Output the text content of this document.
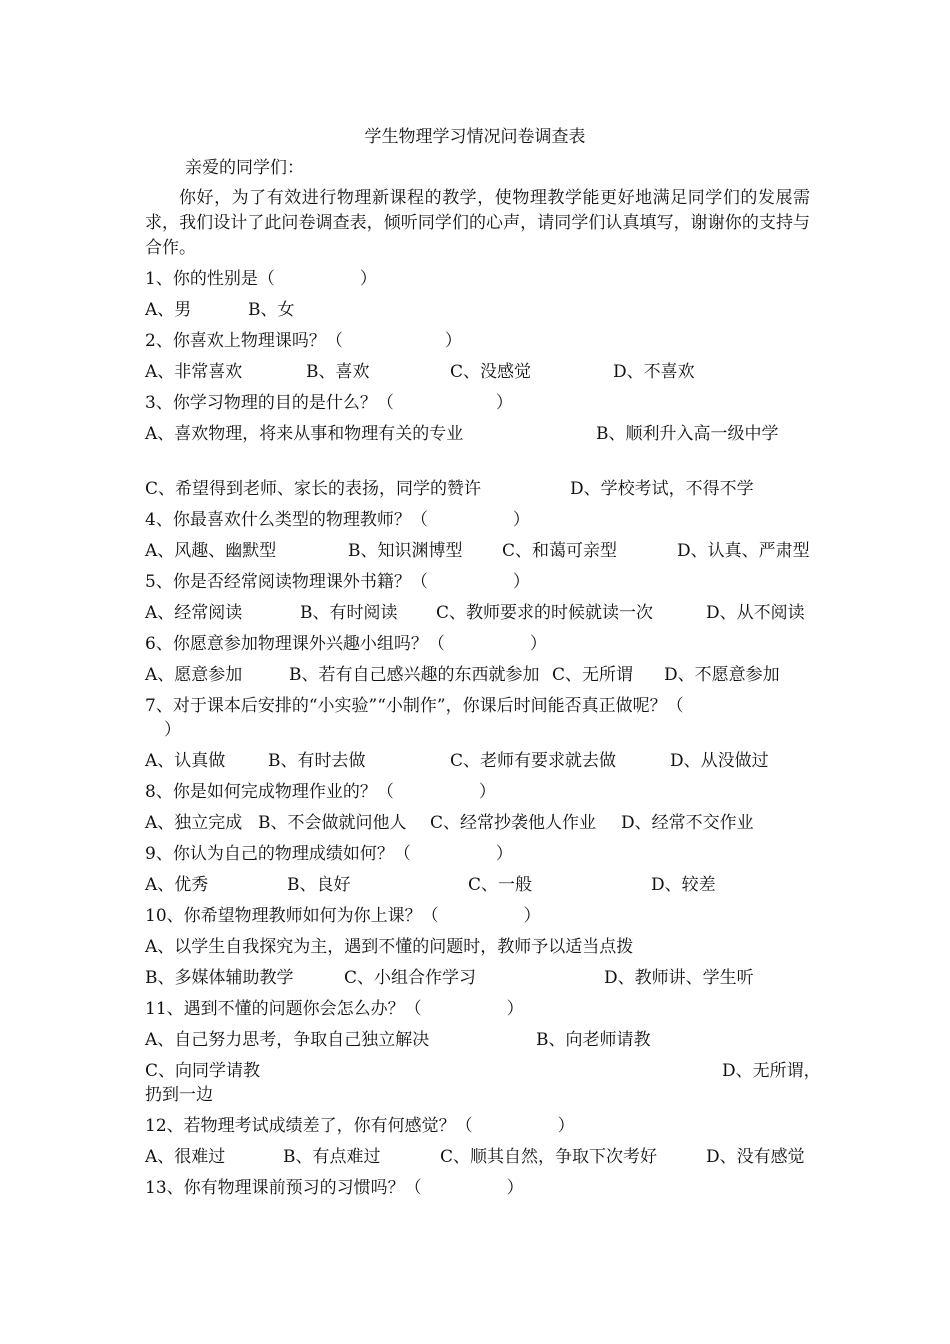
学生物理学习情况问卷调查表
亲爱的同学们：
你好，为了有效进行物理新课程的教学，使物理教学能更好地满足同学们的发展需求，我们设计了此问卷调查表，倾听同学们的心声，请同学们认真填写，谢谢你的支持与合作。
1、你的性别是（　　　　　）
A、男	B、女
2、你喜欢上物理课吗？（　　　　　　）
A、非常喜欢	B、喜欢	C、没感觉	D、不喜欢
3、你学习物理的目的是什么？（　　　　　　）
A、喜欢物理，将来从事和物理有关的专业	B、顺利升入高一级中学
C、希望得到老师、家长的表扬，同学的赞许	D、学校考试，不得不学
4、你最喜欢什么类型的物理教师？（　　　　　）
A、风趣、幽默型	B、知识渊博型 C、和蔼可亲型	D、认真、严肃型
5、你是否经常阅读物理课外书籍？（　　　　　）
A、经常阅读	B、有时阅读 C、教师要求的时候就读一次	D、从不阅读
6、你愿意参加物理课外兴趣小组吗？（　　　　　）
A、愿意参加	B、若有自己感兴趣的东西就参加 C、无所谓 D、不愿意参加
7、对于课本后安排的“小实验”“小制作”，你课后时间能否真正做呢？（
）
A、认真做	B、有时去做	C、老师有要求就去做	D、从没做过
8、你是如何完成物理作业的？（　　　　　）
A、独立完成 B、不会做就问他人 C、经常抄袭他人作业 D、经常不交作业
9、你认为自己的物理成绩如何？（　　　　　）
A、优秀	B、良好	C、一般	D、较差
10、你希望物理教师如何为你上课？（　　　　　）
A、以学生自我探究为主，遇到不懂的问题时，教师予以适当点拨
B、多媒体辅助教学	C、小组合作学习	D、教师讲、学生听
11、遇到不懂的问题你会怎么办？（　　　　　）
A、自己努力思考，争取自己独立解决	B、向老师请教
C、向同学请教	D、无所谓，
扔到一边
12、若物理考试成绩差了，你有何感觉？（　　　　　）
A、很难过	B、有点难过	C、顺其自然，争取下次考好	D、没有感觉
13、你有物理课前预习的习惯吗？（　　　　　）
